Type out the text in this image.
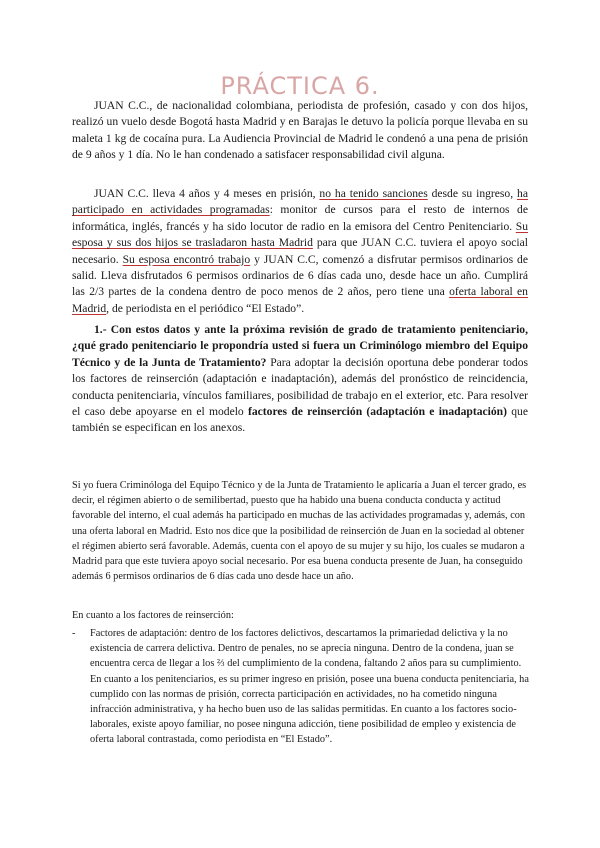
PRÁCTICA 6.

JUAN C.C., de nacionalidad colombiana, periodista de profesión, casado y con dos hijos, realizó un vuelo desde Bogotá hasta Madrid y en Barajas le detuvo la policía porque llevaba en su maleta 1 kg de cocaína pura. La Audiencia Provincial de Madrid le condenó a una pena de prisión de 9 años y 1 día. No le han condenado a satisfacer responsabilidad civil alguna.

JUAN C.C. lleva 4 años y 4 meses en prisión, no ha tenido sanciones desde su ingreso, ha participado en actividades programadas: monitor de cursos para el resto de internos de informática, inglés, francés y ha sido locutor de radio en la emisora del Centro Penitenciario. Su esposa y sus dos hijos se trasladaron hasta Madrid para que JUAN C.C. tuviera el apoyo social necesario. Su esposa encontró trabajo y JUAN C.C, comenzó a disfrutar permisos ordinarios de salid. Lleva disfrutados 6 permisos ordinarios de 6 días cada uno, desde hace un año. Cumplirá las 2/3 partes de la condena dentro de poco menos de 2 años, pero tiene una oferta laboral en Madrid, de periodista en el periódico “El Estado”.

1.- Con estos datos y ante la próxima revisión de grado de tratamiento penitenciario, ¿qué grado penitenciario le propondría usted si fuera un Criminólogo miembro del Equipo Técnico y de la Junta de Tratamiento? Para adoptar la decisión oportuna debe ponderar todos los factores de reinserción (adaptación e inadaptación), además del pronóstico de reincidencia, conducta penitenciaria, vínculos familiares, posibilidad de trabajo en el exterior, etc. Para resolver el caso debe apoyarse en el modelo factores de reinserción (adaptación e inadaptación) que también se especifican en los anexos.

Si yo fuera Criminóloga del Equipo Técnico y de la Junta de Tratamiento le aplicaría a Juan el tercer grado, es decir, el régimen abierto o de semilibertad, puesto que ha habido una buena conducta conducta y actitud favorable del interno, el cual además ha participado en muchas de las actividades programadas y, además, con una oferta laboral en Madrid. Esto nos dice que la posibilidad de reinserción de Juan en la sociedad al obtener el régimen abierto será favorable. Además, cuenta con el apoyo de su mujer y su hijo, los cuales se mudaron a Madrid para que este tuviera apoyo social necesario. Por esa buena conducta presente de Juan, ha conseguido además 6 permisos ordinarios de 6 días cada uno desde hace un año.

En cuanto a los factores de reinserción:

- Factores de adaptación: dentro de los factores delictivos, descartamos la primariedad delictiva y la no existencia de carrera delictiva. Dentro de penales, no se aprecia ninguna. Dentro de la condena, juan se encuentra cerca de llegar a los ⅔ del cumplimiento de la condena, faltando 2 años para su cumplimiento. En cuanto a los penitenciarios, es su primer ingreso en prisión, posee una buena conducta penitenciaria, ha cumplido con las normas de prisión, correcta participación en actividades, no ha cometido ninguna infracción administrativa, y ha hecho buen uso de las salidas permitidas. En cuanto a los factores socio-laborales, existe apoyo familiar, no posee ninguna adicción, tiene posibilidad de empleo y existencia de oferta laboral contrastada, como periodista en “El Estado”.
